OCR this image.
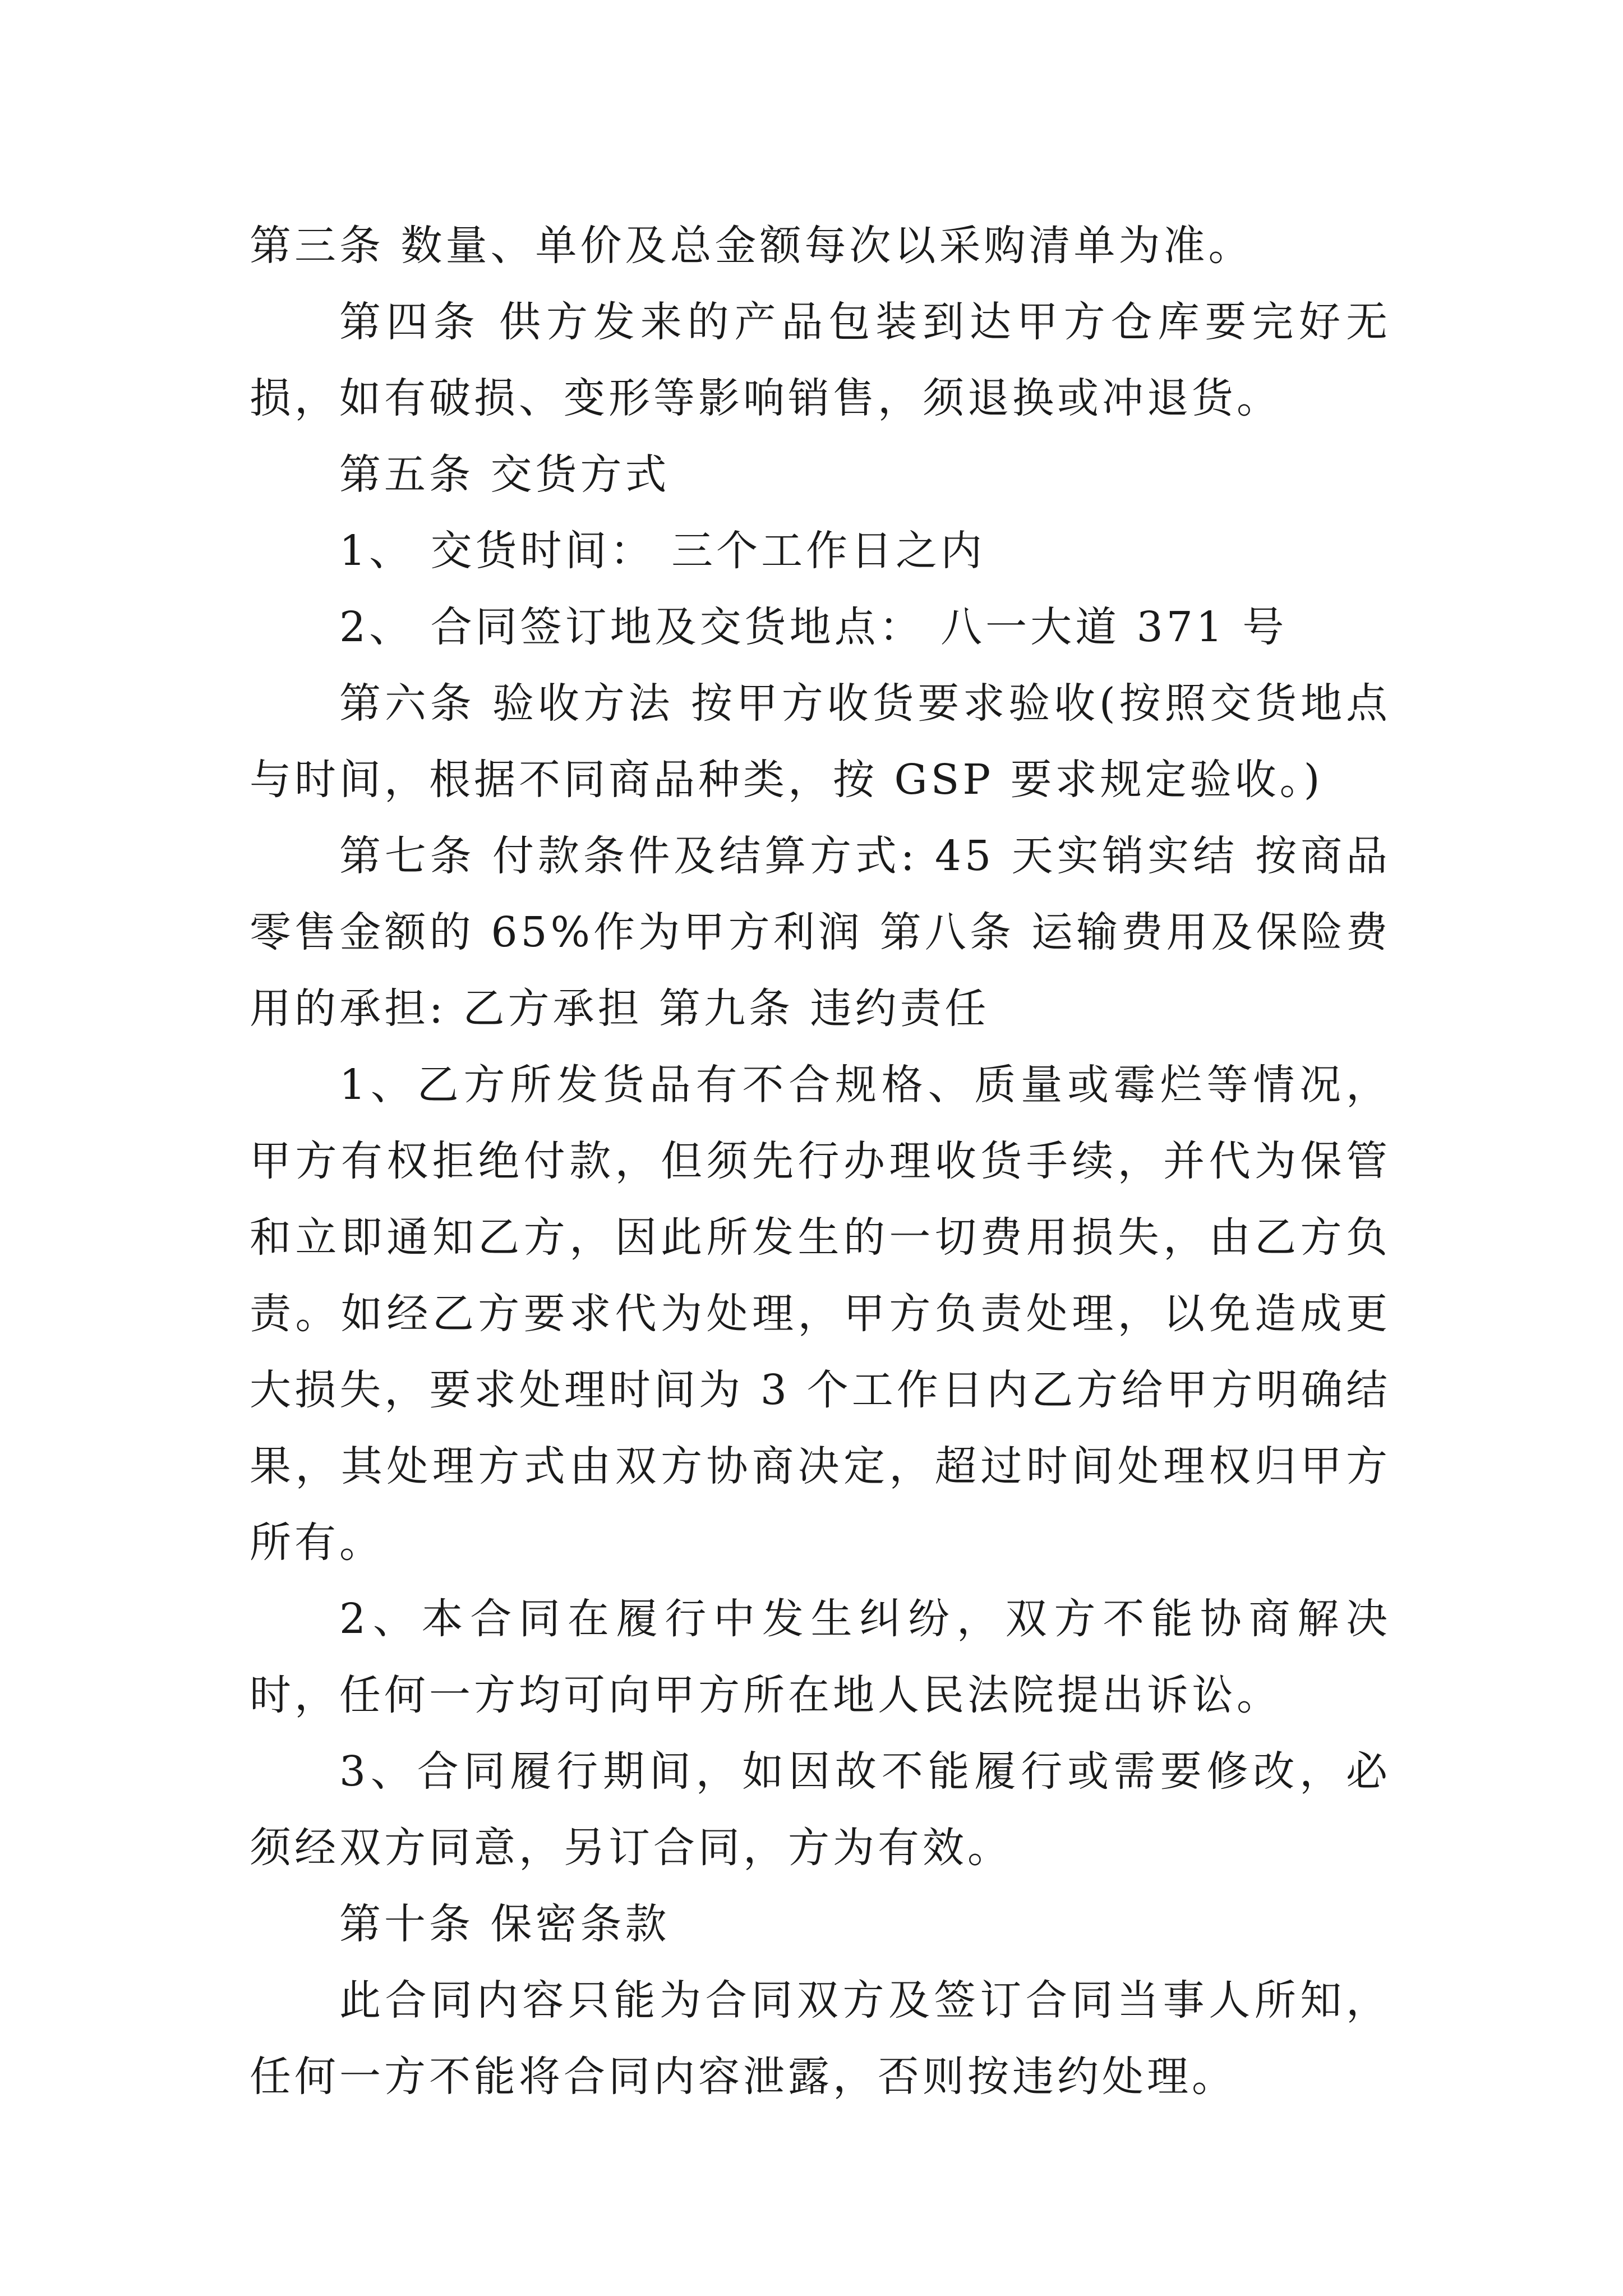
第三条 数量、单价及总金额每次以采购清单为准。

第四条 供方发来的产品包装到达甲方仓库要完好无损，如有破损、变形等影响销售，须退换或冲退货。

第五条 交货方式

1、 交货时间： 三个工作日之内

2、 合同签订地及交货地点： 八一大道 371 号

第六条 验收方法 按甲方收货要求验收(按照交货地点与时间，根据不同商品种类，按 GSP 要求规定验收。)

第七条 付款条件及结算方式: 45 天实销实结 按商品零售金额的 65%作为甲方利润 第八条 运输费用及保险费用的承担: 乙方承担 第九条 违约责任

1、乙方所发货品有不合规格、质量或霉烂等情况，甲方有权拒绝付款，但须先行办理收货手续，并代为保管和立即通知乙方，因此所发生的一切费用损失，由乙方负责。如经乙方要求代为处理，甲方负责处理，以免造成更大损失，要求处理时间为 3 个工作日内乙方给甲方明确结果，其处理方式由双方协商决定，超过时间处理权归甲方所有。

2、本合同在履行中发生纠纷，双方不能协商解决时，任何一方均可向甲方所在地人民法院提出诉讼。

3、合同履行期间，如因故不能履行或需要修改，必须经双方同意，另订合同，方为有效。

第十条 保密条款

此合同内容只能为合同双方及签订合同当事人所知，任何一方不能将合同内容泄露，否则按违约处理。
